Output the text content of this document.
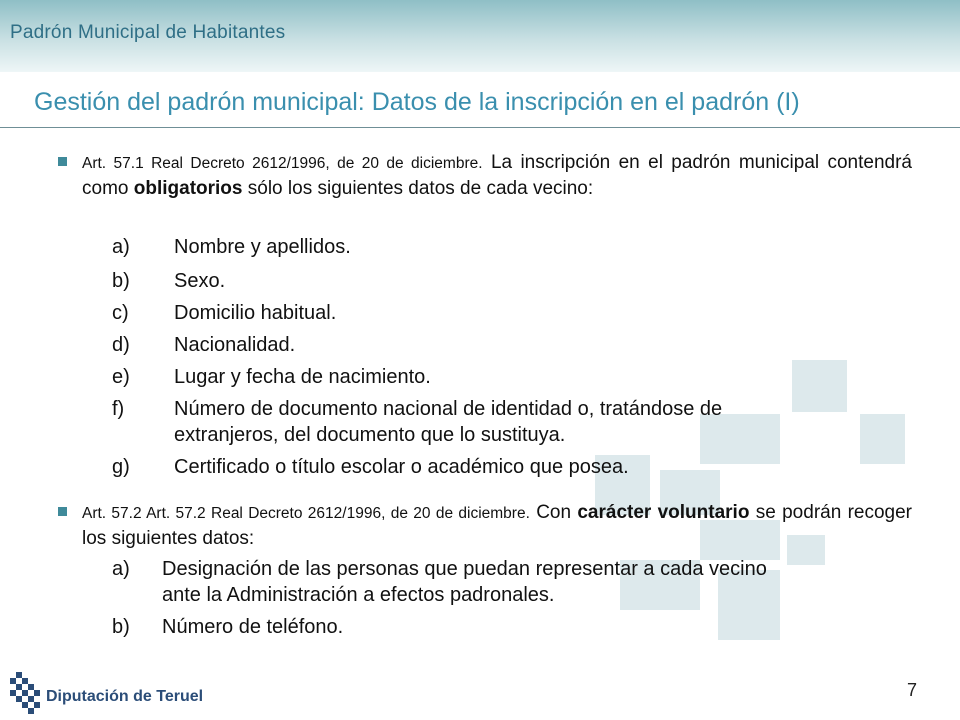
Padrón Municipal de Habitantes
Gestión del padrón municipal: Datos de la inscripción en el padrón (I)
Art. 57.1 Real Decreto 2612/1996, de 20 de diciembre. La inscripción en el padrón municipal contendrá como obligatorios sólo los siguientes datos de cada vecino:
a) Nombre y apellidos.
b) Sexo.
c) Domicilio habitual.
d) Nacionalidad.
e) Lugar y fecha de nacimiento.
f) Número de documento nacional de identidad o, tratándose de
extranjeros, del documento que lo sustituya.
g) Certificado o título escolar o académico que posea.
Art. 57.2 Art. 57.2 Real Decreto 2612/1996, de 20 de diciembre. Con carácter voluntario se podrán recoger los siguientes datos:
a) Designación de las personas que puedan representar a cada vecino
ante la Administración a efectos padronales.
b) Número de teléfono.
Diputación de Teruel	7
